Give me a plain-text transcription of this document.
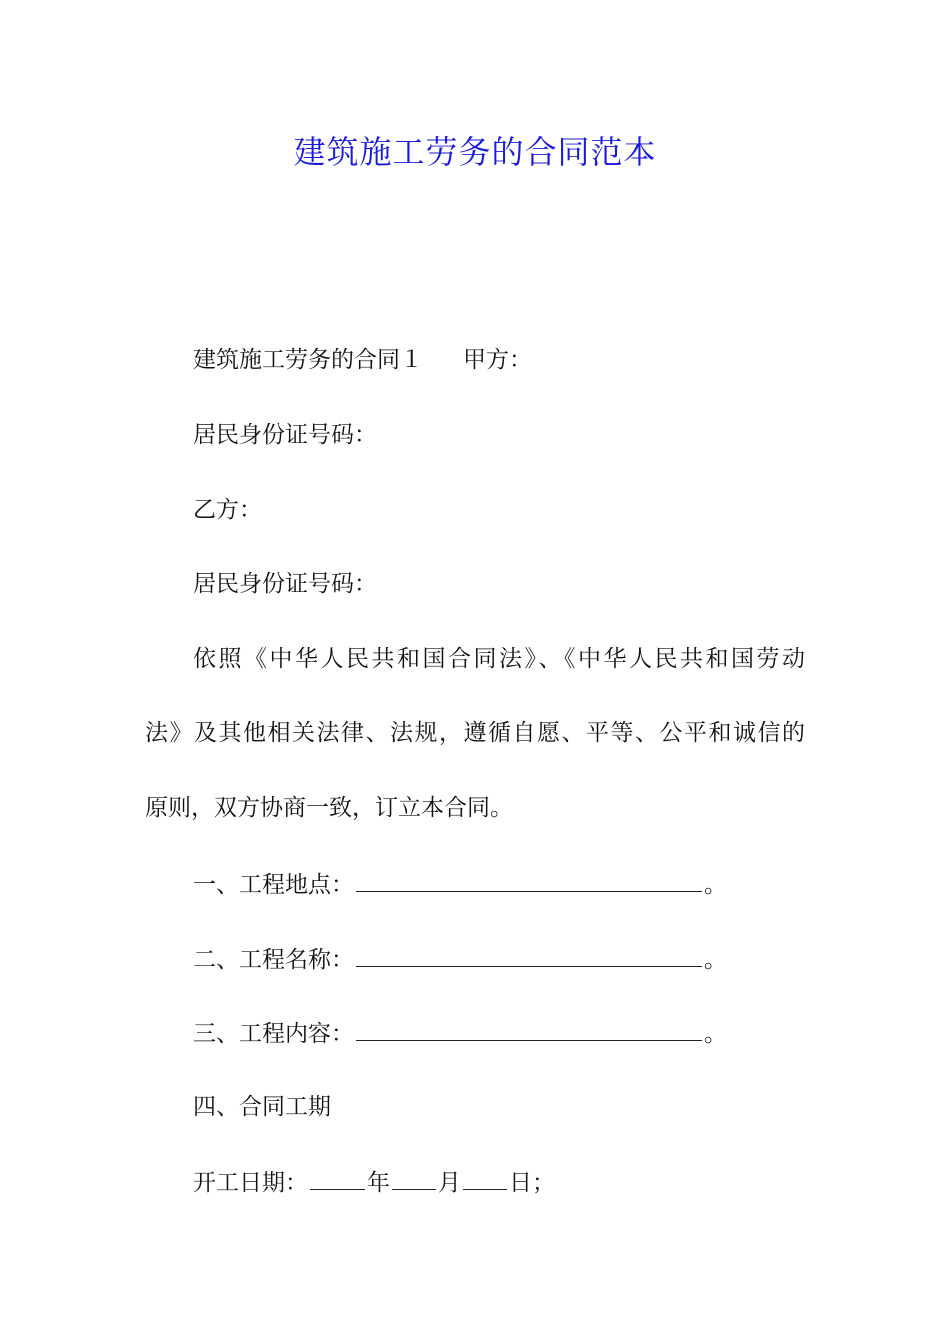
建筑施工劳务的合同范本
建筑施工劳务的合同１ 甲方：
居民身份证号码：
乙方：
居民身份证号码：
依照《中华人民共和国合同法》、《中华人民共和国劳动
法》及其他相关法律、法规，遵循自愿、平等、公平和诚信的
原则，双方协商一致，订立本合同。
一、工程地点：	。
二、工程名称：	。
三、工程内容：	。
四、合同工期
开工日期：	年 月 日；
